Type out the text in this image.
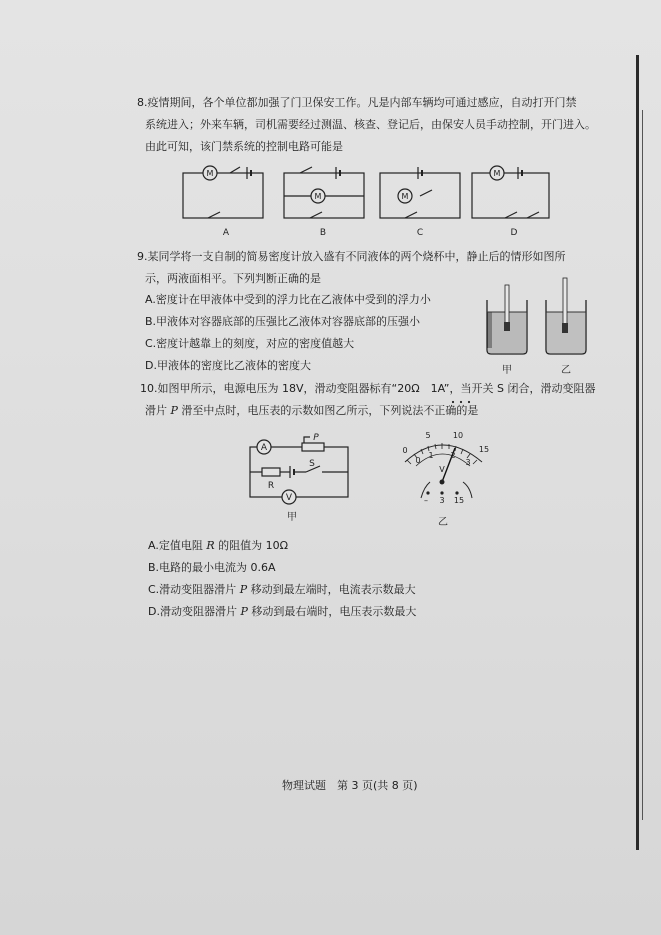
8.疫情期间，各个单位都加强了门卫保安工作。凡是内部车辆均可通过感应，自动打开门禁
系统进入；外来车辆，司机需要经过测温、核查、登记后，由保安人员手动控制，开门进入。
由此可知，该门禁系统的控制电路可能是
M
M	M
M
A	B	C	D
9.某同学将一支自制的简易密度计放入盛有不同液体的两个烧杯中，静止后的情形如图所
示，两液面相平。下列判断正确的是
A.密度计在甲液体中受到的浮力比在乙液体中受到的浮力小
B.甲液体对容器底部的压强比乙液体对容器底部的压强小
C.密度计越靠上的刻度，对应的密度值越大
D.甲液体的密度比乙液体的密度大	甲	乙
10.如图甲所示，电源电压为 18V，滑动变阻器标有“20Ω　1A”，当开关 S 闭合，滑动变阻器
滑片 P 滑至中点时，电压表的示数如图乙所示，下列说法不正确的是
A
V
R
S
P
甲
5	10
15
0
0
1 2
3
V
– 3 15
乙
A.定值电阻 R 的阻值为 10Ω
B.电路的最小电流为 0.6A
C.滑动变阻器滑片 P 移动到最左端时，电流表示数最大
D.滑动变阻器滑片 P 移动到最右端时，电压表示数最大
物理试题　第 3 页(共 8 页)
